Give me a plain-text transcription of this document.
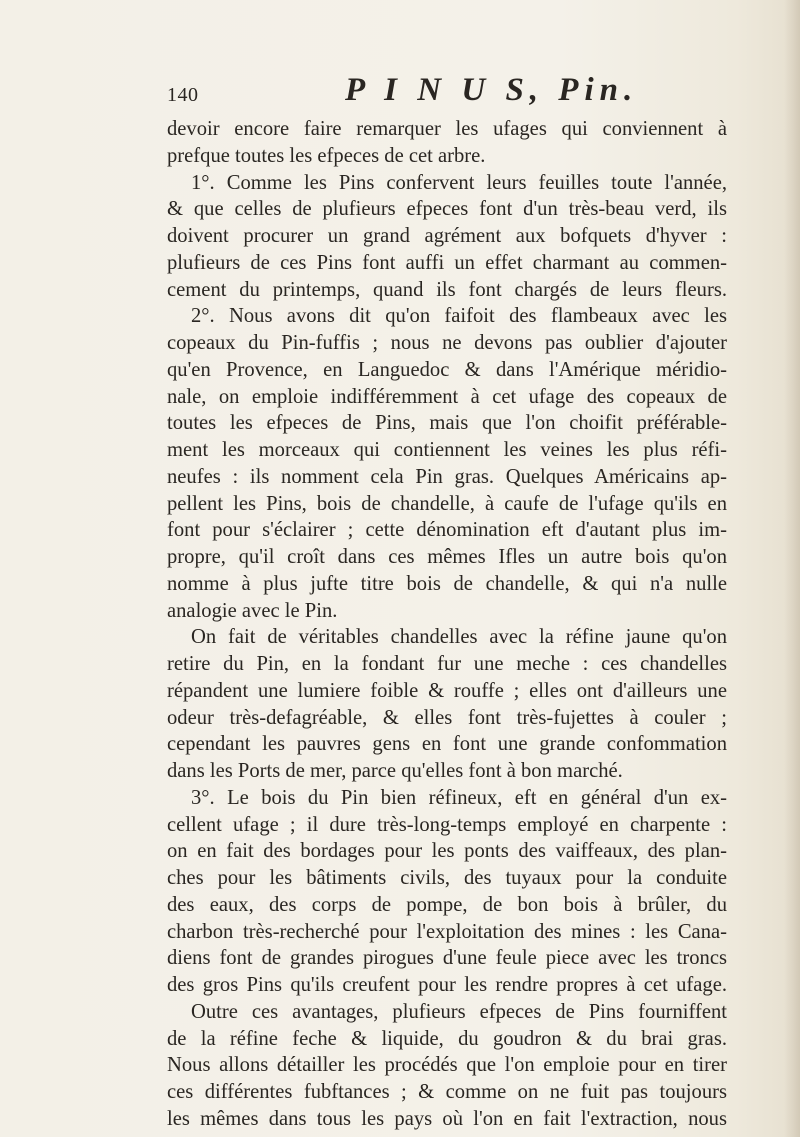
140	P I N U S, Pin.
devoir encore faire remarquer les ufages qui conviennent à
prefque toutes les efpeces de cet arbre.
1°. Comme les Pins confervent leurs feuilles toute l'année,
& que celles de plufieurs efpeces font d'un très-beau verd, ils
doivent procurer un grand agrément aux bofquets d'hyver :
plufieurs de ces Pins font auffi un effet charmant au commen-
cement du printemps, quand ils font chargés de leurs fleurs.
2°. Nous avons dit qu'on faifoit des flambeaux avec les
copeaux du Pin-fuffis ; nous ne devons pas oublier d'ajouter
qu'en Provence, en Languedoc & dans l'Amérique méridio-
nale, on emploie indifféremment à cet ufage des copeaux de
toutes les efpeces de Pins, mais que l'on choifit préférable-
ment les morceaux qui contiennent les veines les plus réfi-
neufes : ils nomment cela Pin gras. Quelques Américains ap-
pellent les Pins, bois de chandelle, à caufe de l'ufage qu'ils en
font pour s'éclairer ; cette dénomination eft d'autant plus im-
propre, qu'il croît dans ces mêmes Ifles un autre bois qu'on
nomme à plus jufte titre bois de chandelle, & qui n'a nulle
analogie avec le Pin.
On fait de véritables chandelles avec la réfine jaune qu'on
retire du Pin, en la fondant fur une meche : ces chandelles
répandent une lumiere foible & rouffe ; elles ont d'ailleurs une
odeur très-defagréable, & elles font très-fujettes à couler ;
cependant les pauvres gens en font une grande confommation
dans les Ports de mer, parce qu'elles font à bon marché.
3°. Le bois du Pin bien réfineux, eft en général d'un ex-
cellent ufage ; il dure très-long-temps employé en charpente :
on en fait des bordages pour les ponts des vaiffeaux, des plan-
ches pour les bâtiments civils, des tuyaux pour la conduite
des eaux, des corps de pompe, de bon bois à brûler, du
charbon très-recherché pour l'exploitation des mines : les Cana-
diens font de grandes pirogues d'une feule piece avec les troncs
des gros Pins qu'ils creufent pour les rendre propres à cet ufage.
Outre ces avantages, plufieurs efpeces de Pins fourniffent
de la réfine feche & liquide, du goudron & du brai gras.
Nous allons détailler les procédés que l'on emploie pour en tirer
ces différentes fubftances ; & comme on ne fuit pas toujours
les mêmes dans tous les pays où l'on en fait l'extraction, nous
